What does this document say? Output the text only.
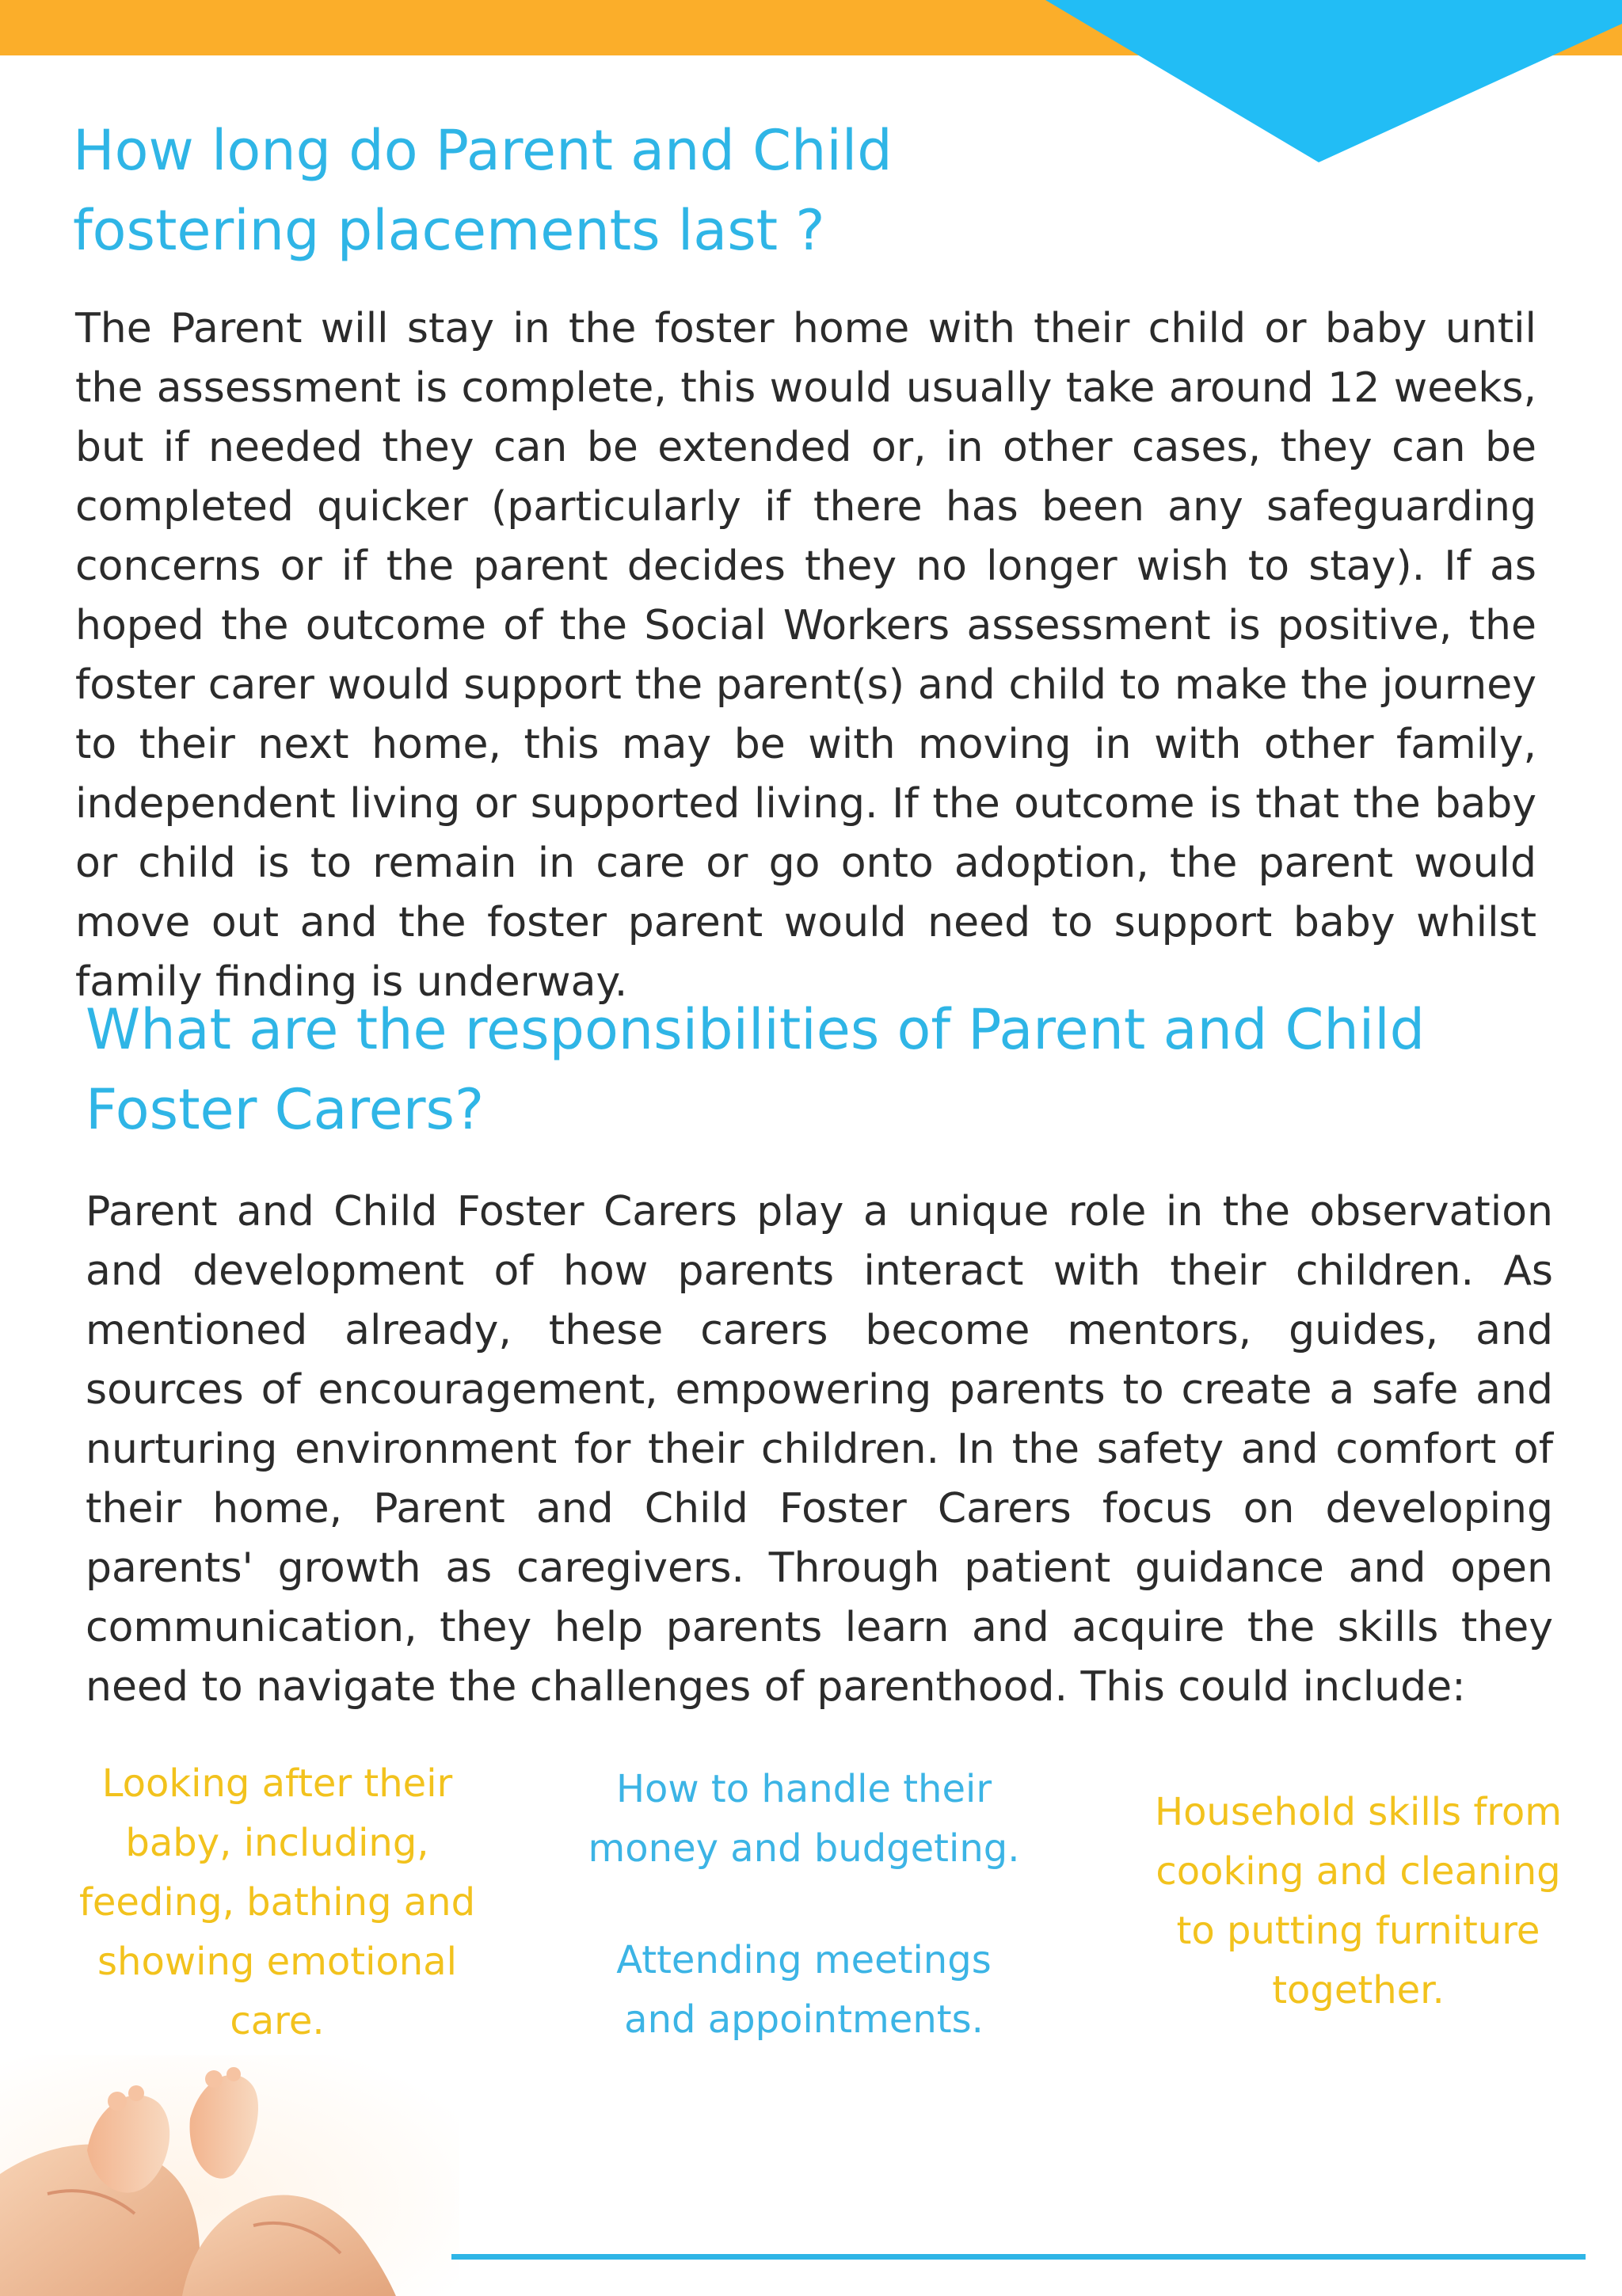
How long do Parent and Child
fostering placements last ?

The Parent will stay in the foster home with their child or baby until the assessment is complete, this would usually take around 12 weeks, but if needed they can be extended or, in other cases, they can be completed quicker (particularly if there has been any safeguarding concerns or if the parent decides they no longer wish to stay). If as hoped the outcome of the Social Workers assessment is positive, the foster carer would support the parent(s) and child to make the journey to their next home, this may be with moving in with other family, independent living or supported living. If the outcome is that the baby or child is to remain in care or go onto adoption, the parent would move out and the foster parent would need to support baby whilst family finding is underway.

What are the responsibilities of Parent and Child
Foster Carers?

Parent and Child Foster Carers play a unique role in the observation and development of how parents interact with their children. As mentioned already, these carers become mentors, guides, and sources of encouragement, empowering parents to create a safe and nurturing environment for their children. In the safety and comfort of their home, Parent and Child Foster Carers focus on developing parents' growth as caregivers. Through patient guidance and open communication, they help parents learn and acquire the skills they need to navigate the challenges of parenthood. This could include:

Looking after their
baby, including,
feeding, bathing and
showing emotional
care.
How to handle their
money and budgeting.
Attending meetings
and appointments.
Household skills from
cooking and cleaning
to putting furniture
together.
